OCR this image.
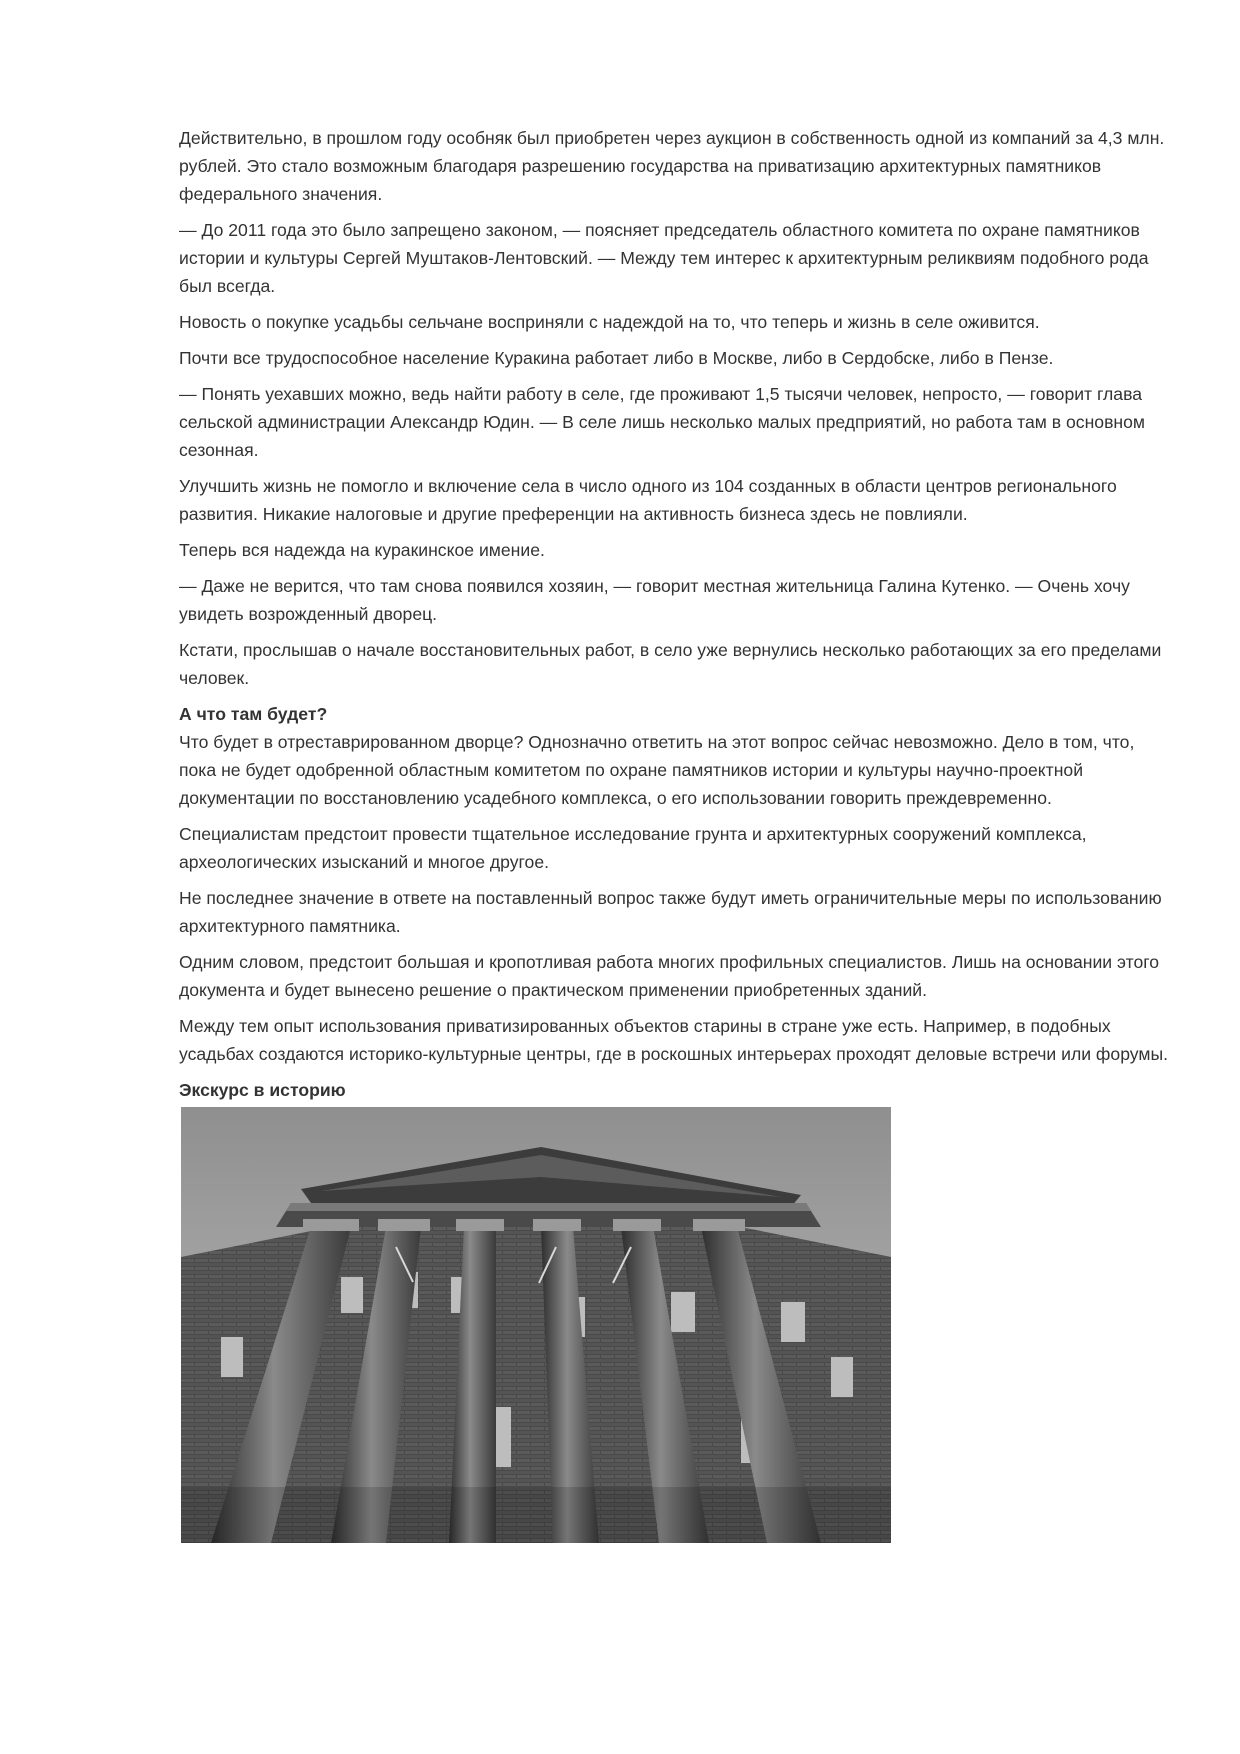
Действительно, в прошлом году особняк был приобретен через аукцион в собственность одной из компаний за 4,3 млн. рублей. Это стало возможным благодаря разрешению государства на приватизацию архитектурных памятников федерального значения.

— До 2011 года это было запрещено законом, — поясняет председатель областного комитета по охране памятников истории и культуры Сергей Муштаков-Лентовский. — Между тем интерес к архитектурным реликвиям подобного рода был всегда.

Новость о покупке усадьбы сельчане восприняли с надеждой на то, что теперь и жизнь в селе оживится.

Почти все трудоспособное население Куракина работает либо в Москве, либо в Сердобске, либо в Пензе.

— Понять уехавших можно, ведь найти работу в селе, где проживают 1,5 тысячи человек, непросто, — говорит глава сельской администрации Александр Юдин. — В селе лишь несколько малых предприятий, но работа там в основном сезонная.

Улучшить жизнь не помогло и включение села в число одного из 104 созданных в области центров регионального развития. Никакие налоговые и другие преференции на активность бизнеса здесь не повлияли.

Теперь вся надежда на куракинское имение.

— Даже не верится, что там снова появился хозяин, — говорит местная жительница Галина Кутенко. — Очень хочу увидеть возрожденный дворец.

Кстати, прослышав о начале восстановительных работ, в село уже вернулись несколько работающих за его пределами человек.

А что там будет?

Что будет в отреставрированном дворце? Однозначно ответить на этот вопрос сейчас невозможно. Дело в том, что, пока не будет одобренной областным комитетом по охране памятников истории и культуры научно-проектной документации по восстановлению усадебного комплекса, о его использовании говорить преждевременно.

Специалистам предстоит провести тщательное исследование грунта и архитектурных сооружений комплекса, археологических изысканий и многое другое.

Не последнее значение в ответе на поставленный вопрос также будут иметь ограничительные меры по использованию архитектурного памятника.

Одним словом, предстоит большая и кропотливая работа многих профильных специалистов. Лишь на основании этого документа и будет вынесено решение о практическом применении приобретенных зданий.

Между тем опыт использования приватизированных объектов старины в стране уже есть. Например, в подобных усадьбах создаются историко-культурные центры, где в роскошных интерьерах проходят деловые встречи или форумы.

Экскурс в историю
